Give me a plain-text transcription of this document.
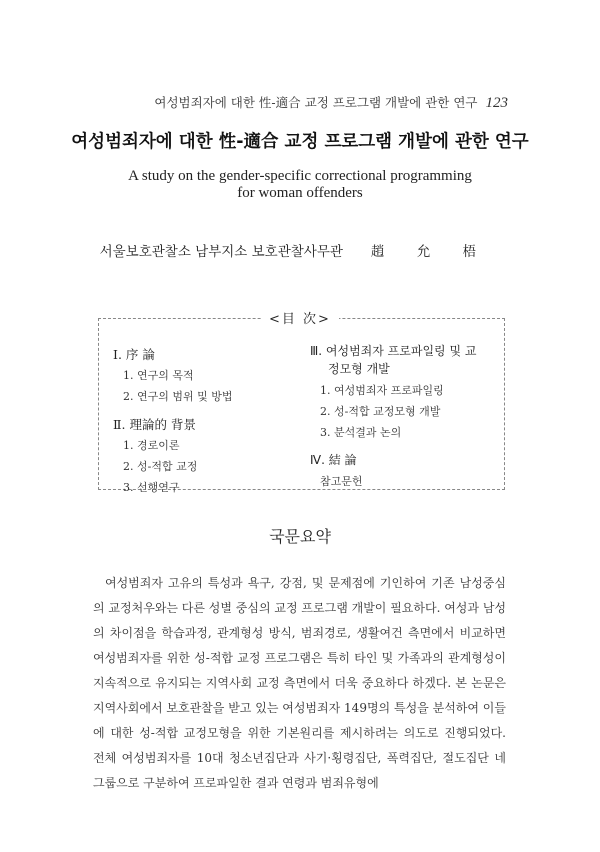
여성범죄자에 대한 性-適合 교정 프로그램 개발에 관한 연구 123
여성범죄자에 대한 性-適合 교정 프로그램 개발에 관한 연구
A study on the gender-specific correctional programming
for woman offenders
서울보호관찰소 남부지소 보호관찰사무관 趙 允 梧
<目 次>
Ⅰ. 序 論
1. 연구의 목적
2. 연구의 범위 및 방법
Ⅱ. 理論的 背景
1. 경로이론
2. 성-적합 교정
3. 선행연구
Ⅲ. 여성범죄자 프로파일링 및 교
정모형 개발
1. 여성범죄자 프로파일링
2. 성-적합 교정모형 개발
3. 분석결과 논의
Ⅳ. 結 論
참고문헌
국문요약
여성범죄자 고유의 특성과 욕구, 강점, 및 문제점에 기인하여 기존 남성중심의 교정처우와는 다른 성별 중심의 교정 프로그램 개발이 필요하다. 여성과 남성의 차이점을 학습과정, 관계형성 방식, 범죄경로, 생활여건 측면에서 비교하면 여성범죄자를 위한 성-적합 교정 프로그램은 특히 타인 및 가족과의 관계형성이 지속적으로 유지되는 지역사회 교정 측면에서 더욱 중요하다 하겠다. 본 논문은 지역사회에서 보호관찰을 받고 있는 여성범죄자 149명의 특성을 분석하여 이들에 대한 성-적합 교정모형을 위한 기본원리를 제시하려는 의도로 진행되었다. 전체 여성범죄자를 10대 청소년집단과 사기·횡령집단, 폭력집단, 절도집단 네 그룹으로 구분하여 프로파일한 결과 연령과 범죄유형에
